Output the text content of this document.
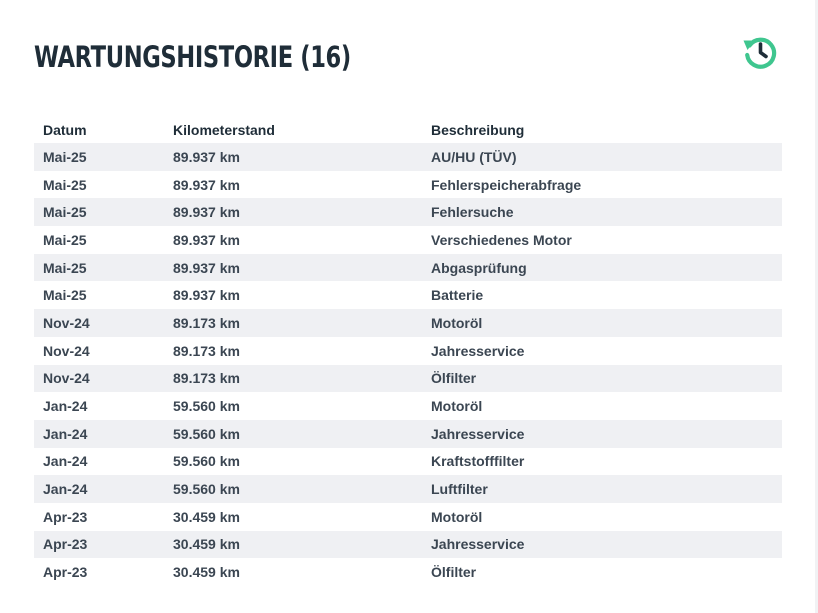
WARTUNGSHISTORIE (16)
Datum	Kilometerstand	Beschreibung
Mai-25	89.937 km	AU/HU (TÜV)
Mai-25	89.937 km	Fehlerspeicherabfrage
Mai-25	89.937 km	Fehlersuche
Mai-25	89.937 km	Verschiedenes Motor
Mai-25	89.937 km	Abgasprüfung
Mai-25	89.937 km	Batterie
Nov-24	89.173 km	Motoröl
Nov-24	89.173 km	Jahresservice
Nov-24	89.173 km	Ölfilter
Jan-24	59.560 km	Motoröl
Jan-24	59.560 km	Jahresservice
Jan-24	59.560 km	Kraftstofffilter
Jan-24	59.560 km	Luftfilter
Apr-23	30.459 km	Motoröl
Apr-23	30.459 km	Jahresservice
Apr-23	30.459 km	Ölfilter
